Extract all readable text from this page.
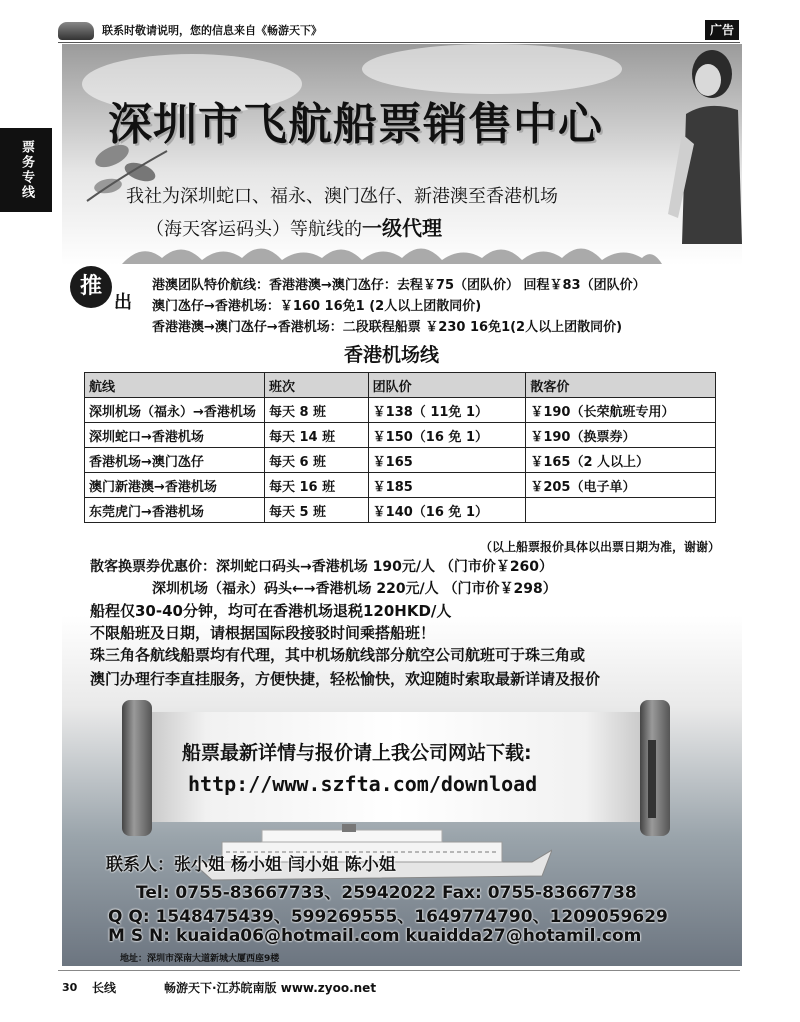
联系时敬请说明，您的信息来自《畅游天下》	广告
票务专线
深圳市飞航船票销售中心
我社为深圳蛇口、福永、澳门氹仔、新港澳至香港机场
（海天客运码头）等航线的一级代理
推
出
港澳团队特价航线：香港港澳→澳门氹仔：去程￥75（团队价） 回程￥83（团队价）
澳门氹仔→香港机场：￥160 16免1 (2人以上团散同价)
香港港澳→澳门氹仔→香港机场：二段联程船票 ￥230 16免1(2人以上团散同价)
香港机场线
航线	班次	团队价	散客价
深圳机场（福永）→香港机场	每天 8 班	￥138（ 11免 1）	￥190（长荣航班专用）
深圳蛇口→香港机场	每天 14 班	￥150（16 免 1）	￥190（换票券）
香港机场→澳门氹仔	每天 6 班	￥165	￥165（2 人以上）
澳门新港澳→香港机场	每天 16 班	￥185	￥205（电子单）
东莞虎门→香港机场	每天 5 班	￥140（16 免 1）	
（以上船票报价具体以出票日期为准，谢谢）
散客换票券优惠价：深圳蛇口码头→香港机场 190元/人 （门市价￥260）
深圳机场（福永）码头←→香港机场 220元/人 （门市价￥298）
船程仅30-40分钟，均可在香港机场退税120HKD/人
不限船班及日期，请根据国际段接驳时间乘搭船班！
珠三角各航线船票均有代理，其中机场航线部分航空公司航班可于珠三角或
澳门办理行李直挂服务，方便快捷，轻松愉快，欢迎随时索取最新详请及报价
船票最新详情与报价请上我公司网站下载:
http://www.szfta.com/download
联系人：张小姐 杨小姐 闫小姐 陈小姐
Tel: 0755-83667733、25942022 Fax: 0755-83667738
Q Q: 1548475439、599269555、1649774790、1209059629
M S N: kuaida06@hotmail.com kuaidda27@hotamil.com
地址：深圳市深南大道新城大厦西座9楼
30 长线	畅游天下·江苏皖南版 www.zyoo.net
